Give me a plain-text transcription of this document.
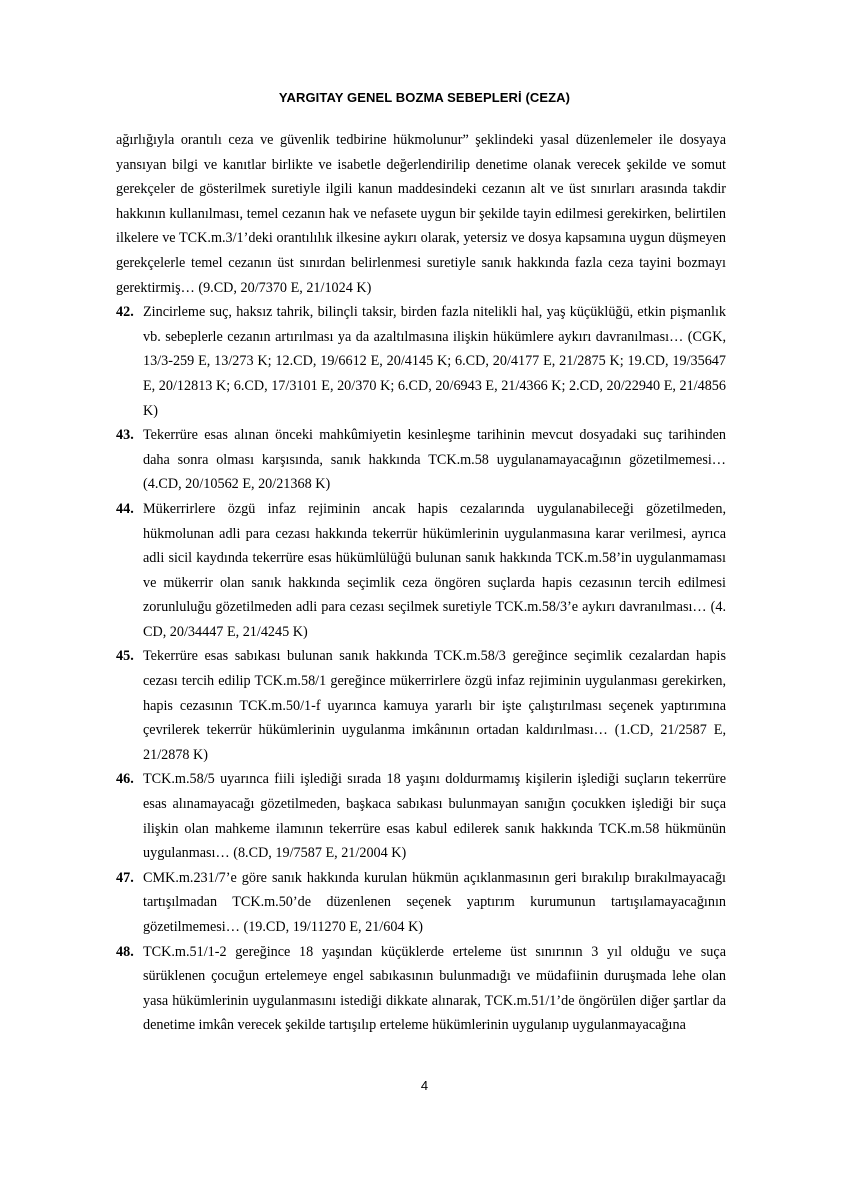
YARGITAY GENEL BOZMA SEBEPLERİ (CEZA)

ağırlığıyla orantılı ceza ve güvenlik tedbirine hükmolunur” şeklindeki yasal düzenlemeler ile dosyaya yansıyan bilgi ve kanıtlar birlikte ve isabetle değerlendirilip denetime olanak verecek şekilde ve somut gerekçeler de gösterilmek suretiyle ilgili kanun maddesindeki cezanın alt ve üst sınırları arasında takdir hakkının kullanılması, temel cezanın hak ve nefasete uygun bir şekilde tayin edilmesi gerekirken, belirtilen ilkelere ve TCK.m.3/1’deki orantılılık ilkesine aykırı olarak, yetersiz ve dosya kapsamına uygun düşmeyen gerekçelerle temel cezanın üst sınırdan belirlenmesi suretiyle sanık hakkında fazla ceza tayini bozmayı gerektirmiş… (9.CD, 20/7370 E, 21/1024 K)

42. Zincirleme suç, haksız tahrik, bilinçli taksir, birden fazla nitelikli hal, yaş küçüklüğü, etkin pişmanlık vb. sebeplerle cezanın artırılması ya da azaltılmasına ilişkin hükümlere aykırı davranılması… (CGK, 13/3-259 E, 13/273 K; 12.CD, 19/6612 E, 20/4145 K; 6.CD, 20/4177 E, 21/2875 K; 19.CD, 19/35647 E, 20/12813 K; 6.CD, 17/3101 E, 20/370 K; 6.CD, 20/6943 E, 21/4366 K; 2.CD, 20/22940 E, 21/4856 K)
43. Tekerrüre esas alınan önceki mahkûmiyetin kesinleşme tarihinin mevcut dosyadaki suç tarihinden daha sonra olması karşısında, sanık hakkında TCK.m.58 uygulanamayacağının gözetilmemesi… (4.CD, 20/10562 E, 20/21368 K)
44. Mükerrirlere özgü infaz rejiminin ancak hapis cezalarında uygulanabileceği gözetilmeden, hükmolunan adli para cezası hakkında tekerrür hükümlerinin uygulanmasına karar verilmesi, ayrıca adli sicil kaydında tekerrüre esas hükümlülüğü bulunan sanık hakkında TCK.m.58’in uygulanmaması ve mükerrir olan sanık hakkında seçimlik ceza öngören suçlarda hapis cezasının tercih edilmesi zorunluluğu gözetilmeden adli para cezası seçilmek suretiyle TCK.m.58/3’e aykırı davranılması… (4. CD, 20/34447 E, 21/4245 K)
45. Tekerrüre esas sabıkası bulunan sanık hakkında TCK.m.58/3 gereğince seçimlik cezalardan hapis cezası tercih edilip TCK.m.58/1 gereğince mükerrirlere özgü infaz rejiminin uygulanması gerekirken, hapis cezasının TCK.m.50/1-f uyarınca kamuya yararlı bir işte çalıştırılması seçenek yaptırımına çevrilerek tekerrür hükümlerinin uygulanma imkânının ortadan kaldırılması… (1.CD, 21/2587 E, 21/2878 K)
46. TCK.m.58/5 uyarınca fiili işlediği sırada 18 yaşını doldurmamış kişilerin işlediği suçların tekerrüre esas alınamayacağı gözetilmeden, başkaca sabıkası bulunmayan sanığın çocukken işlediği bir suça ilişkin olan mahkeme ilamının tekerrüre esas kabul edilerek sanık hakkında TCK.m.58 hükmünün uygulanması… (8.CD, 19/7587 E, 21/2004 K)
47. CMK.m.231/7’e göre sanık hakkında kurulan hükmün açıklanmasının geri bırakılıp bırakılmayacağı tartışılmadan TCK.m.50’de düzenlenen seçenek yaptırım kurumunun tartışılamayacağının gözetilmemesi… (19.CD, 19/11270 E, 21/604 K)
48. TCK.m.51/1-2 gereğince 18 yaşından küçüklerde erteleme üst sınırının 3 yıl olduğu ve suça sürüklenen çocuğun ertelemeye engel sabıkasının bulunmadığı ve müdafiinin duruşmada lehe olan yasa hükümlerinin uygulanmasını istediği dikkate alınarak, TCK.m.51/1’de öngörülen diğer şartlar da denetime imkân verecek şekilde tartışılıp erteleme hükümlerinin uygulanıp uygulanmayacağına
4
